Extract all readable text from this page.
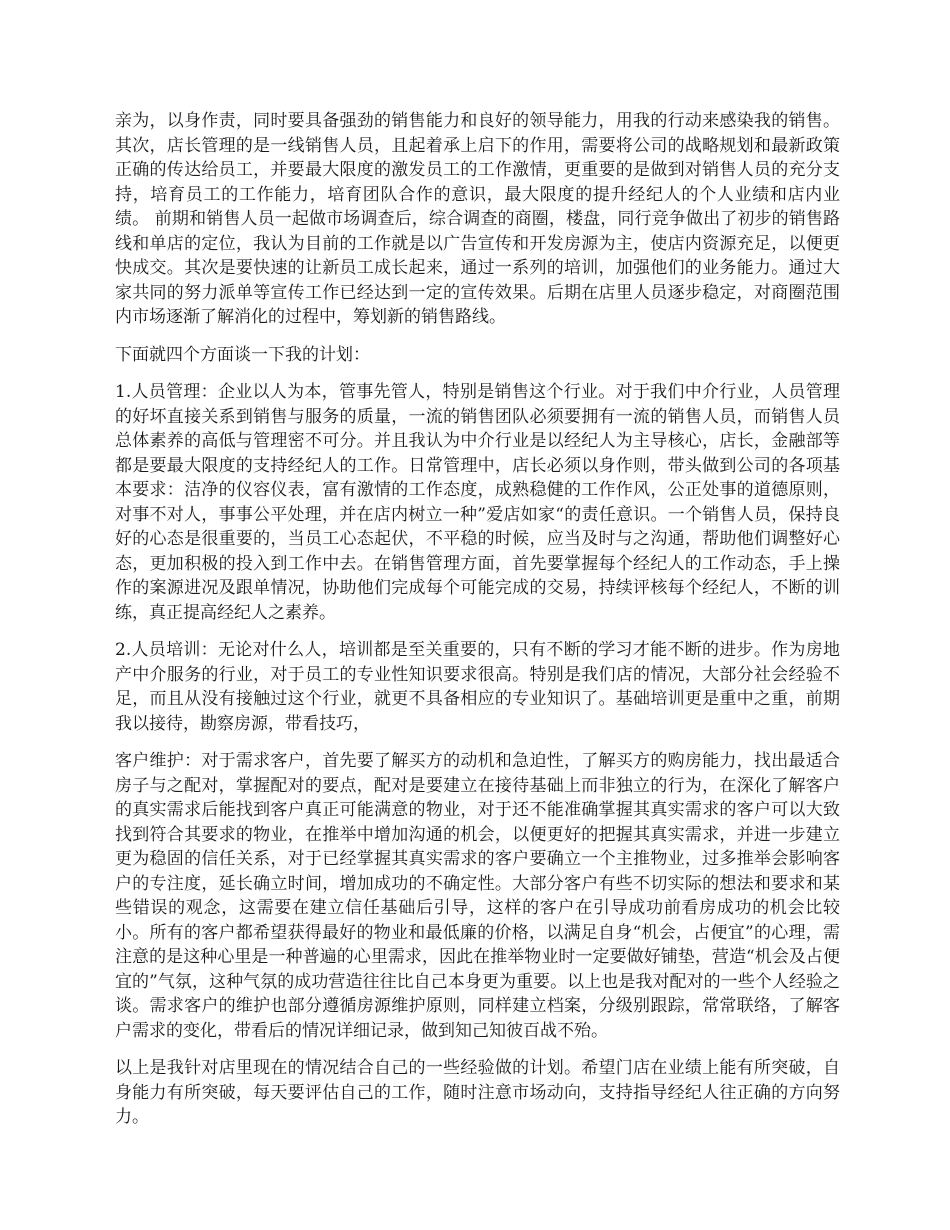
亲为，以身作责，同时要具备强劲的销售能力和良好的领导能力，用我的行动来感染我的销售。其次，店长管理的是一线销售人员，且起着承上启下的作用，需要将公司的战略规划和最新政策正确的传达给员工，并要最大限度的激发员工的工作激情，更重要的是做到对销售人员的充分支持，培育员工的工作能力，培育团队合作的意识，最大限度的提升经纪人的个人业绩和店内业绩。 前期和销售人员一起做市场调查后，综合调查的商圈，楼盘，同行竞争做出了初步的销售路线和单店的定位，我认为目前的工作就是以广告宣传和开发房源为主，使店内资源充足，以便更快成交。其次是要快速的让新员工成长起来，通过一系列的培训，加强他们的业务能力。通过大家共同的努力派单等宣传工作已经达到一定的宣传效果。后期在店里人员逐步稳定，对商圈范围内市场逐渐了解消化的过程中，筹划新的销售路线。

下面就四个方面谈一下我的计划：

1.人员管理：企业以人为本，管事先管人，特别是销售这个行业。对于我们中介行业，人员管理的好坏直接关系到销售与服务的质量，一流的销售团队必须要拥有一流的销售人员，而销售人员总体素养的高低与管理密不可分。并且我认为中介行业是以经纪人为主导核心，店长，金融部等都是要最大限度的支持经纪人的工作。日常管理中，店长必须以身作则，带头做到公司的各项基本要求：洁净的仪容仪表，富有激情的工作态度，成熟稳健的工作作风，公正处事的道德原则，对事不对人，事事公平处理，并在店内树立一种”爱店如家“的责任意识。一个销售人员，保持良好的心态是很重要的，当员工心态起伏，不平稳的时候，应当及时与之沟通，帮助他们调整好心态，更加积极的投入到工作中去。在销售管理方面，首先要掌握每个经纪人的工作动态，手上操作的案源进况及跟单情况，协助他们完成每个可能完成的交易，持续评核每个经纪人，不断的训练，真正提高经纪人之素养。

2.人员培训：无论对什么人，培训都是至关重要的，只有不断的学习才能不断的进步。作为房地产中介服务的行业，对于员工的专业性知识要求很高。特别是我们店的情况，大部分社会经验不足，而且从没有接触过这个行业，就更不具备相应的专业知识了。基础培训更是重中之重，前期我以接待，勘察房源，带看技巧，

客户维护：对于需求客户，首先要了解买方的动机和急迫性，了解买方的购房能力，找出最适合房子与之配对，掌握配对的要点，配对是要建立在接待基础上而非独立的行为，在深化了解客户的真实需求后能找到客户真正可能满意的物业，对于还不能准确掌握其真实需求的客户可以大致找到符合其要求的物业，在推举中增加沟通的机会，以便更好的把握其真实需求，并进一步建立更为稳固的信任关系，对于已经掌握其真实需求的客户要确立一个主推物业，过多推举会影响客户的专注度，延长确立时间，增加成功的不确定性。大部分客户有些不切实际的想法和要求和某些错误的观念，这需要在建立信任基础后引导，这样的客户在引导成功前看房成功的机会比较小。所有的客户都希望获得最好的物业和最低廉的价格，以满足自身“机会，占便宜”的心理，需注意的是这种心里是一种普遍的心里需求，因此在推举物业时一定要做好铺垫，营造“机会及占便宜的”气氛，这种气氛的成功营造往往比自己本身更为重要。以上也是我对配对的一些个人经验之谈。需求客户的维护也部分遵循房源维护原则，同样建立档案，分级别跟踪，常常联络，了解客户需求的变化，带看后的情况详细记录，做到知己知彼百战不殆。

以上是我针对店里现在的情况结合自己的一些经验做的计划。希望门店在业绩上能有所突破，自身能力有所突破，每天要评估自己的工作，随时注意市场动向，支持指导经纪人往正确的方向努力。
